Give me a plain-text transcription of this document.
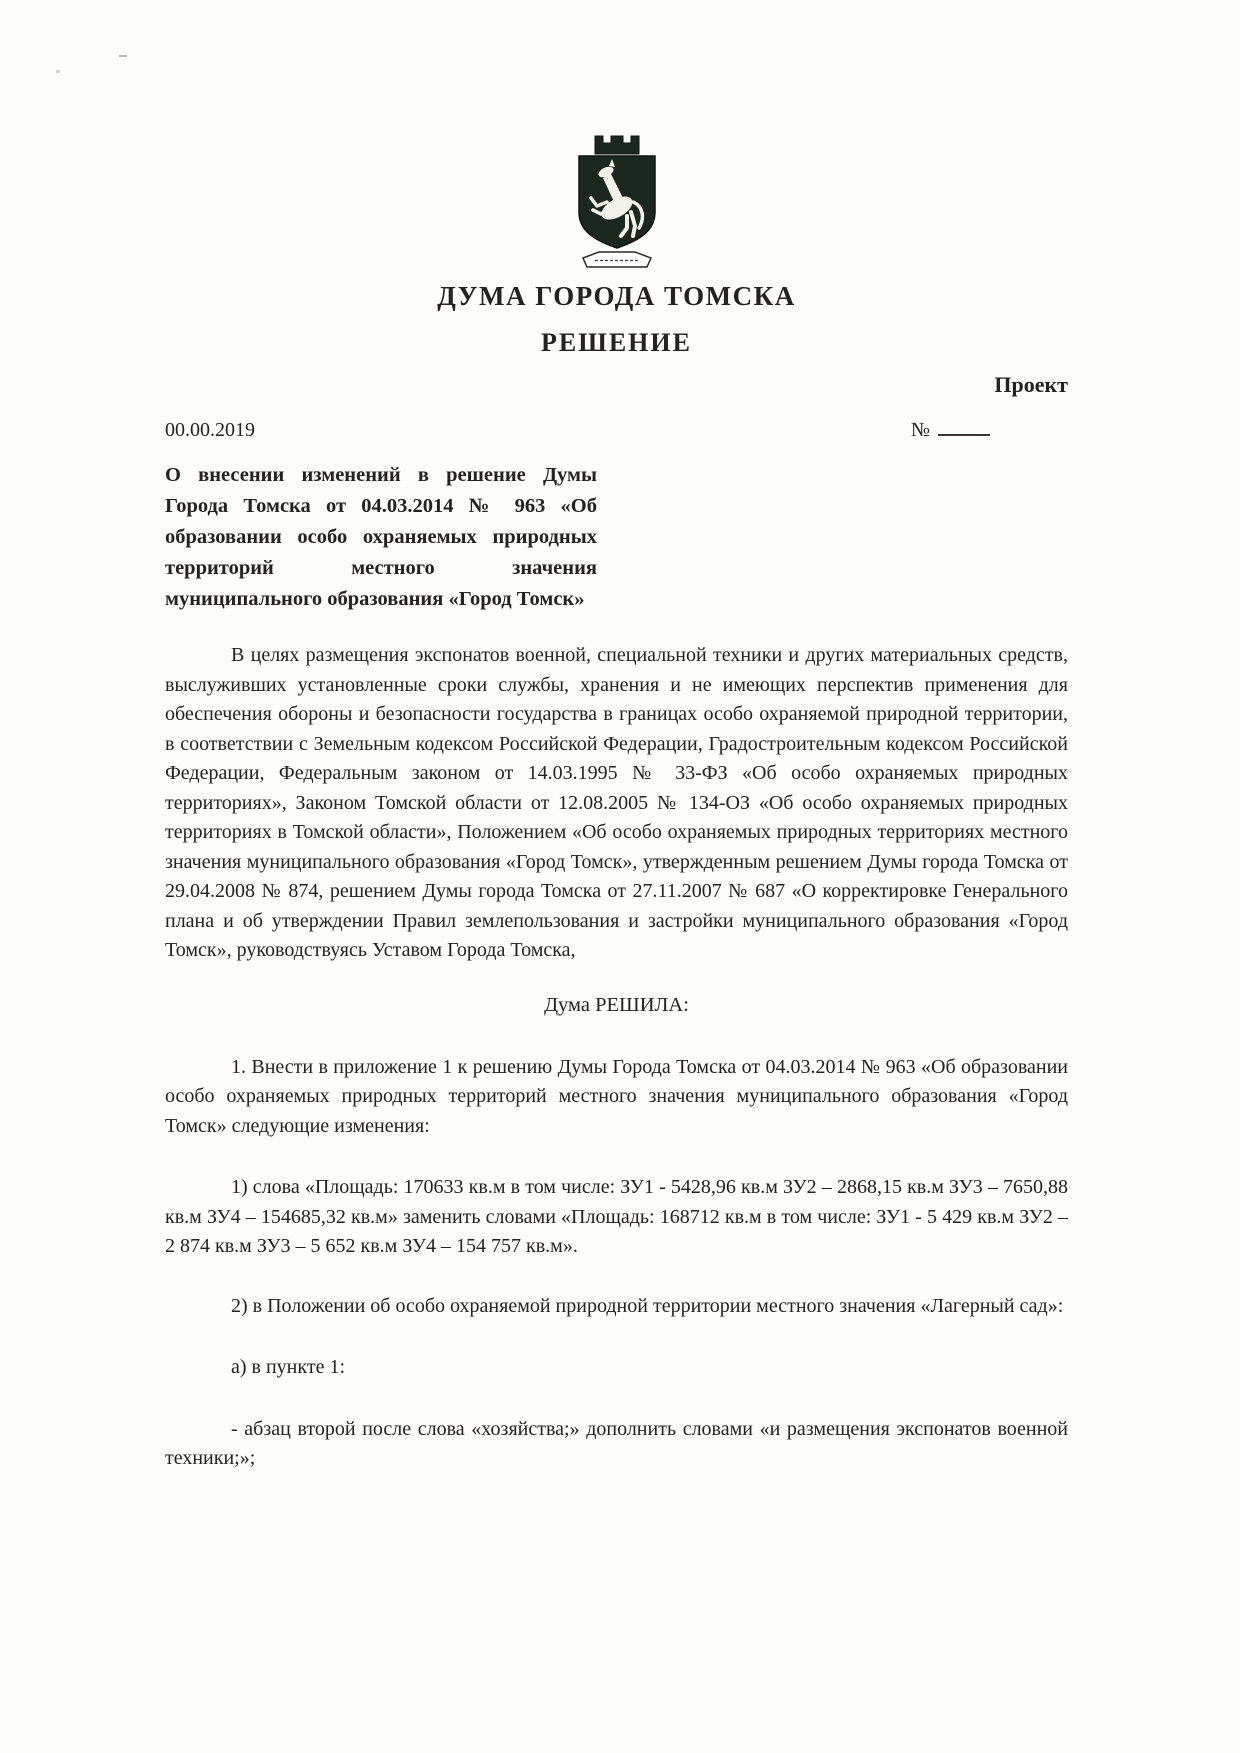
ДУМА ГОРОДА ТОМСКА
РЕШЕНИЕ
Проект
00.00.2019	№
О внесении изменений в решение Думы Города Томска от 04.03.2014 № 963 «Об образовании особо охраняемых природных территорий местного значения муниципального образования «Город Томск»

В целях размещения экспонатов военной, специальной техники и других материальных средств, выслуживших установленные сроки службы, хранения и не имеющих перспектив применения для обеспечения обороны и безопасности государства в границах особо охраняемой природной территории, в соответствии с Земельным кодексом Российской Федерации, Градостроительным кодексом Российской Федерации, Федеральным законом от 14.03.1995 № 33-ФЗ «Об особо охраняемых природных территориях», Законом Томской области от 12.08.2005 № 134-ОЗ «Об особо охраняемых природных территориях в Томской области», Положением «Об особо охраняемых природных территориях местного значения муниципального образования «Город Томск», утвержденным решением Думы города Томска от 29.04.2008 № 874, решением Думы города Томска от 27.11.2007 № 687 «О корректировке Генерального плана и об утверждении Правил землепользования и застройки муниципального образования «Город Томск», руководствуясь Уставом Города Томска,

Дума РЕШИЛА:

1. Внести в приложение 1 к решению Думы Города Томска от 04.03.2014 № 963 «Об образовании особо охраняемых природных территорий местного значения муниципального образования «Город Томск» следующие изменения:

1) слова «Площадь: 170633 кв.м в том числе: ЗУ1 - 5428,96 кв.м ЗУ2 – 2868,15 кв.м ЗУ3 – 7650,88 кв.м ЗУ4 – 154685,32 кв.м» заменить словами «Площадь: 168712 кв.м в том числе: ЗУ1 - 5 429 кв.м ЗУ2 – 2 874 кв.м ЗУ3 – 5 652 кв.м ЗУ4 – 154 757 кв.м».

2) в Положении об особо охраняемой природной территории местного значения «Лагерный сад»:

а) в пункте 1:

- абзац второй после слова «хозяйства;» дополнить словами «и размещения экспонатов военной техники;»;
